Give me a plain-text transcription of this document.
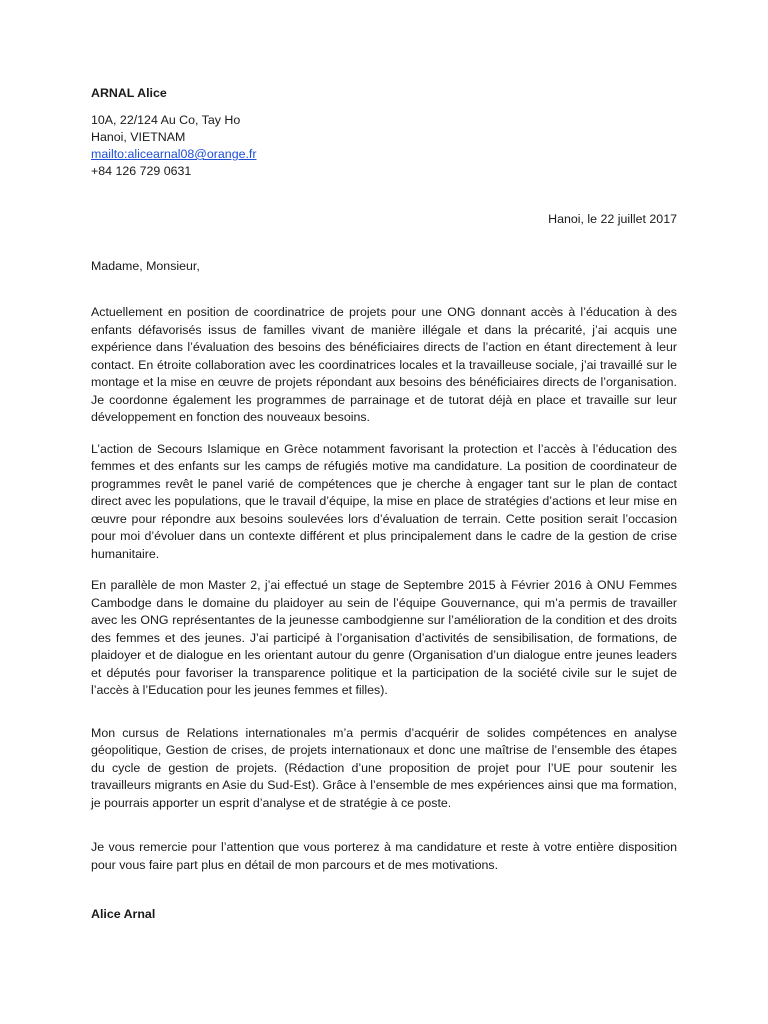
ARNAL Alice
10A, 22/124 Au Co, Tay Ho
Hanoi, VIETNAM
mailto:alicearnal08@orange.fr
+84 126 729 0631
Hanoi, le 22 juillet 2017
Madame, Monsieur,

Actuellement en position de coordinatrice de projets pour une ONG donnant accès à l’éducation à des enfants défavorisés issus de familles vivant de manière illégale et dans la précarité, j’ai acquis une expérience dans l’évaluation des besoins des bénéficiaires directs de l’action en étant directement à leur contact. En étroite collaboration avec les coordinatrices locales et la travailleuse sociale, j’ai travaillé sur le montage et la mise en œuvre de projets répondant aux besoins des bénéficiaires directs de l’organisation. Je coordonne également les programmes de parrainage et de tutorat déjà en place et travaille sur leur développement en fonction des nouveaux besoins.

L’action de Secours Islamique en Grèce notamment favorisant la protection et l’accès à l’éducation des femmes et des enfants sur les camps de réfugiés motive ma candidature. La position de coordinateur de programmes revêt le panel varié de compétences que je cherche à engager tant sur le plan de contact direct avec les populations, que le travail d’équipe, la mise en place de stratégies d’actions et leur mise en œuvre pour répondre aux besoins soulevées lors d’évaluation de terrain. Cette position serait l’occasion pour moi d’évoluer dans un contexte différent et plus principalement dans le cadre de la gestion de crise humanitaire.

En parallèle de mon Master 2, j’ai effectué un stage de Septembre 2015 à Février 2016 à ONU Femmes Cambodge dans le domaine du plaidoyer au sein de l’équipe Gouvernance, qui m’a permis de travailler avec les ONG représentantes de la jeunesse cambodgienne sur l’amélioration de la condition et des droits des femmes et des jeunes. J’ai participé à l’organisation d’activités de sensibilisation, de formations, de plaidoyer et de dialogue en les orientant autour du genre (Organisation d’un dialogue entre jeunes leaders et députés pour favoriser la transparence politique et la participation de la société civile sur le sujet de l’accès à l’Education pour les jeunes femmes et filles).

Mon cursus de Relations internationales m’a permis d’acquérir de solides compétences en analyse géopolitique, Gestion de crises, de projets internationaux et donc une maîtrise de l’ensemble des étapes du cycle de gestion de projets. (Rédaction d’une proposition de projet pour l’UE pour soutenir les travailleurs migrants en Asie du Sud-Est). Grâce à l’ensemble de mes expériences ainsi que ma formation, je pourrais apporter un esprit d’analyse et de stratégie à ce poste.

Je vous remercie pour l’attention que vous porterez à ma candidature et reste à votre entière disposition pour vous faire part plus en détail de mon parcours et de mes motivations.

Alice Arnal
